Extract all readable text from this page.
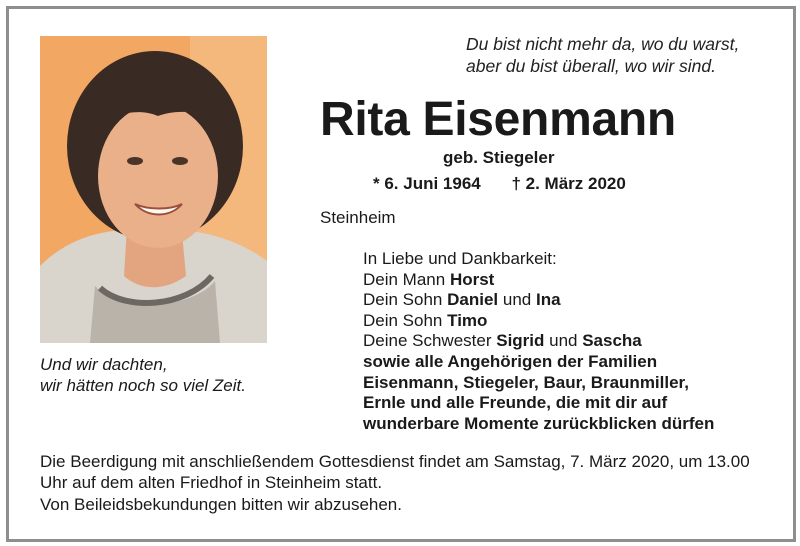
Du bist nicht mehr da, wo du warst,
aber du bist überall, wo wir sind.
Rita Eisenmann
geb. Stiegeler
* 6. Juni 1964 † 2. März 2020
Steinheim
In Liebe und Dankbarkeit:
Dein Mann Horst
Dein Sohn Daniel und Ina
Dein Sohn Timo
Deine Schwester Sigrid und Sascha
sowie alle Angehörigen der Familien
Eisenmann, Stiegeler, Baur, Braunmiller,
Ernle und alle Freunde, die mit dir auf
wunderbare Momente zurückblicken dürfen
Und wir dachten,
wir hätten noch so viel Zeit.
Die Beerdigung mit anschließendem Gottesdienst findet am Samstag, 7. März 2020, um 13.00 Uhr auf dem alten Friedhof in Steinheim statt.
Von Beileidsbekundungen bitten wir abzusehen.
